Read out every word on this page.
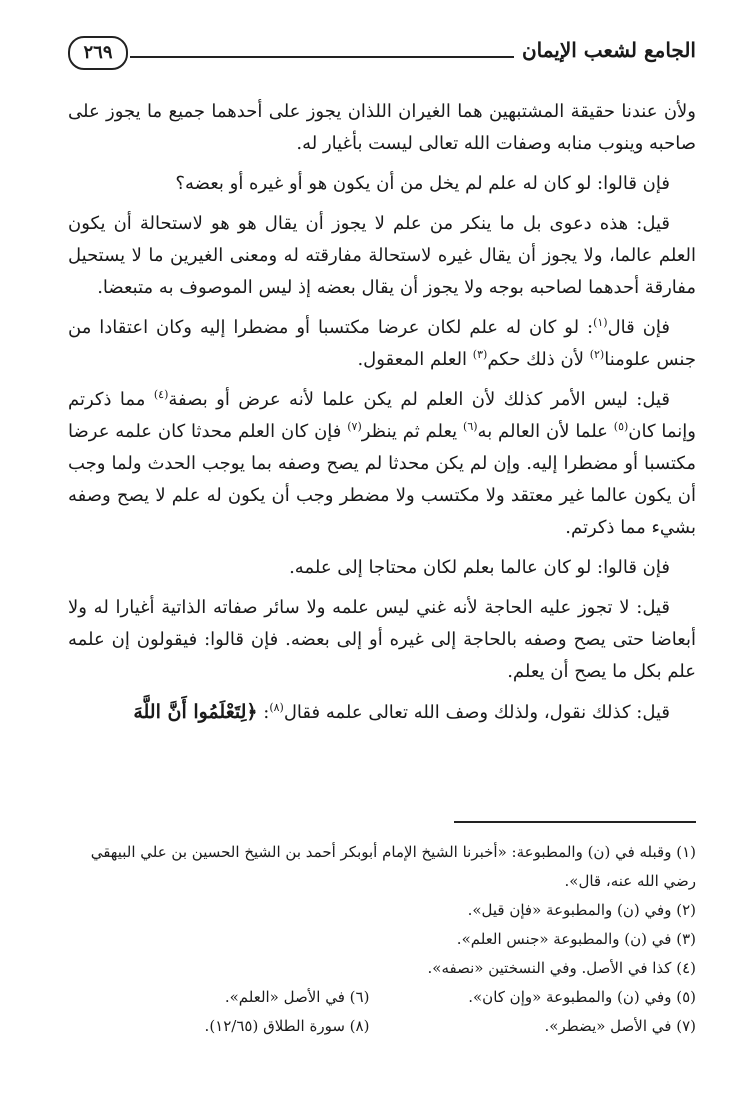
الجامع لشعب الإيمان
٢٦٩

ولأن عندنا حقيقة المشتبهين هما الغيران اللذان يجوز على أحدهما جميع ما يجوز على صاحبه وينوب منابه وصفات الله تعالى ليست بأغيار له.

فإن قالوا: لو كان له علم لم يخل من أن يكون هو أو غيره أو بعضه؟

قيل: هذه دعوى بل ما ينكر من علم لا يجوز أن يقال هو هو لاستحالة أن يكون العلم عالما، ولا يجوز أن يقال غيره لاستحالة مفارقته له ومعنى الغيرين ما لا يستحيل مفارقة أحدهما لصاحبه بوجه ولا يجوز أن يقال بعضه إذ ليس الموصوف به متبعضا.

فإن قال$^{(١)}$: لو كان له علم لكان عرضا مكتسبا أو مضطرا إليه وكان اعتقادا من جنس علومنا$^{(٢)}$ لأن ذلك حكم$^{(٣)}$ العلم المعقول.

قيل: ليس الأمر كذلك لأن العلم لم يكن علما لأنه عرض أو بصفة$^{(٤)}$ مما ذكرتم وإنما كان$^{(٥)}$ علما لأن العالم به$^{(٦)}$ يعلم ثم ينظر$^{(٧)}$ فإن كان العلم محدثا كان علمه عرضا مكتسبا أو مضطرا إليه. وإن لم يكن محدثا لم يصح وصفه بما يوجب الحدث ولما وجب أن يكون عالما غير معتقد ولا مكتسب ولا مضطر وجب أن يكون له علم لا يصح وصفه بشيء مما ذكرتم.

فإن قالوا: لو كان عالما بعلم لكان محتاجا إلى علمه.

قيل: لا تجوز عليه الحاجة لأنه غني ليس علمه ولا سائر صفاته الذاتية أغيارا له ولا أبعاضا حتى يصح وصفه بالحاجة إلى غيره أو إلى بعضه. فإن قالوا: فيقولون إن علمه علم بكل ما يصح أن يعلم.

قيل: كذلك نقول، ولذلك وصف الله تعالى علمه فقال$^{(٨)}$: ﴿لِتَعْلَمُوا أَنَّ اللَّهَ

(١) وقبله في (ن) والمطبوعة: «أخبرنا الشيخ الإمام أبوبكر أحمد بن الشيخ الحسين بن علي البيهقي رضي الله عنه، قال».

(٢) وفي (ن) والمطبوعة «فإن قيل».

(٣) في (ن) والمطبوعة «جنس العلم».

(٤) كذا في الأصل. وفي النسختين «نصفه».

(٥) وفي (ن) والمطبوعة «وإن كان».
(٦) في الأصل «العلم».
(٧) في الأصل «يضطر».
(٨) سورة الطلاق (١٢/٦٥).
